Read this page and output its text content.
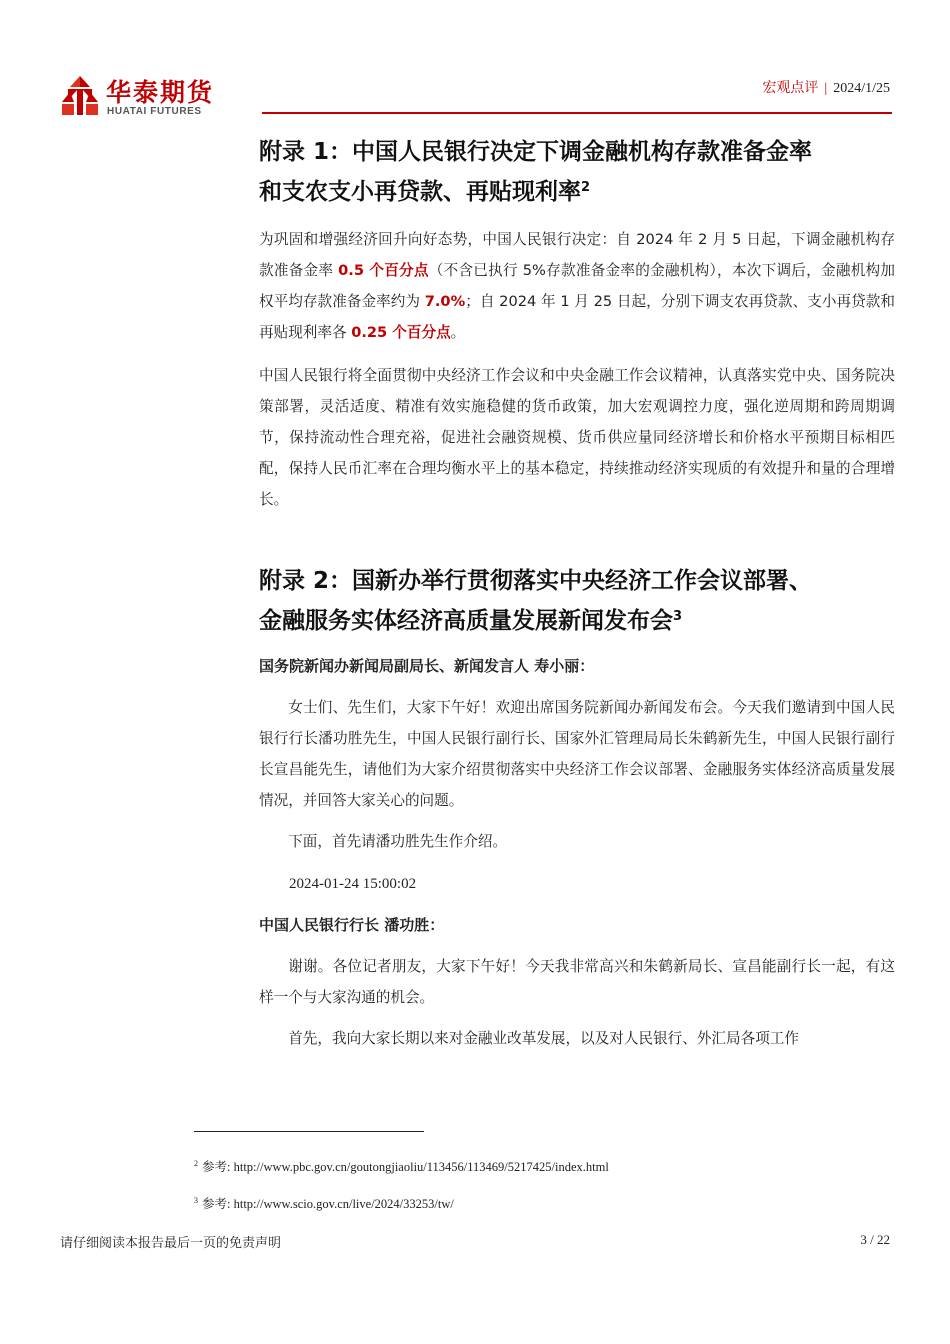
华泰期货
HUATAI FUTURES
宏观点评 | 2024/1/25
附录 1：中国人民银行决定下调金融机构存款准备金率
和支农支小再贷款、再贴现利率$^2$

为巩固和增强经济回升向好态势，中国人民银行决定：自 2024 年 2 月 5 日起，下调金融机构存款准备金率 0.5 个百分点（不含已执行 5%存款准备金率的金融机构），本次下调后，金融机构加权平均存款准备金率约为 7.0%；自 2024 年 1 月 25 日起，分别下调支农再贷款、支小再贷款和再贴现利率各 0.25 个百分点。

中国人民银行将全面贯彻中央经济工作会议和中央金融工作会议精神，认真落实党中央、国务院决策部署，灵活适度、精准有效实施稳健的货币政策，加大宏观调控力度，强化逆周期和跨周期调节，保持流动性合理充裕，促进社会融资规模、货币供应量同经济增长和价格水平预期目标相匹配，保持人民币汇率在合理均衡水平上的基本稳定，持续推动经济实现质的有效提升和量的合理增长。

附录 2：国新办举行贯彻落实中央经济工作会议部署、
金融服务实体经济高质量发展新闻发布会$^3$

国务院新闻办新闻局副局长、新闻发言人 寿小丽：

女士们、先生们，大家下午好！欢迎出席国务院新闻办新闻发布会。今天我们邀请到中国人民银行行长潘功胜先生，中国人民银行副行长、国家外汇管理局局长朱鹤新先生，中国人民银行副行长宣昌能先生，请他们为大家介绍贯彻落实中央经济工作会议部署、金融服务实体经济高质量发展情况，并回答大家关心的问题。

下面，首先请潘功胜先生作介绍。

2024-01-24 15:00:02

中国人民银行行长 潘功胜：

谢谢。各位记者朋友，大家下午好！今天我非常高兴和朱鹤新局长、宣昌能副行长一起，有这样一个与大家沟通的机会。

首先，我向大家长期以来对金融业改革发展，以及对人民银行、外汇局各项工作

$^2$ 参考: http://www.pbc.gov.cn/goutongjiaoliu/113456/113469/5217425/index.html
$^3$ 参考: http://www.scio.gov.cn/live/2024/33253/tw/
请仔细阅读本报告最后一页的免责声明	3 / 22
